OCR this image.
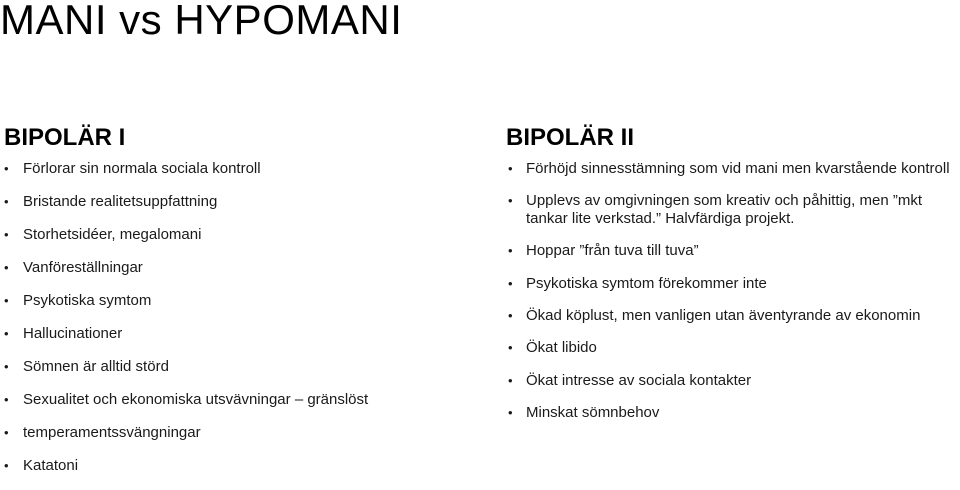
MANI vs HYPOMANI
BIPOLÄR I
• Förlorar sin normala sociala kontroll
• Bristande realitetsuppfattning
• Storhetsidéer, megalomani
• Vanföreställningar
• Psykotiska symtom
• Hallucinationer
• Sömnen är alltid störd
• Sexualitet och ekonomiska utsvävningar – gränslöst
• temperamentssvängningar
• Katatoni
BIPOLÄR II
• Förhöjd sinnesstämning som vid mani men kvarstående kontroll
• Upplevs av omgivningen som kreativ och påhittig, men ”mkt tankar lite verkstad.” Halvfärdiga projekt.
• Hoppar ”från tuva till tuva”
• Psykotiska symtom förekommer inte
• Ökad köplust, men vanligen utan äventyrande av ekonomin
• Ökat libido
• Ökat intresse av sociala kontakter
• Minskat sömnbehov
